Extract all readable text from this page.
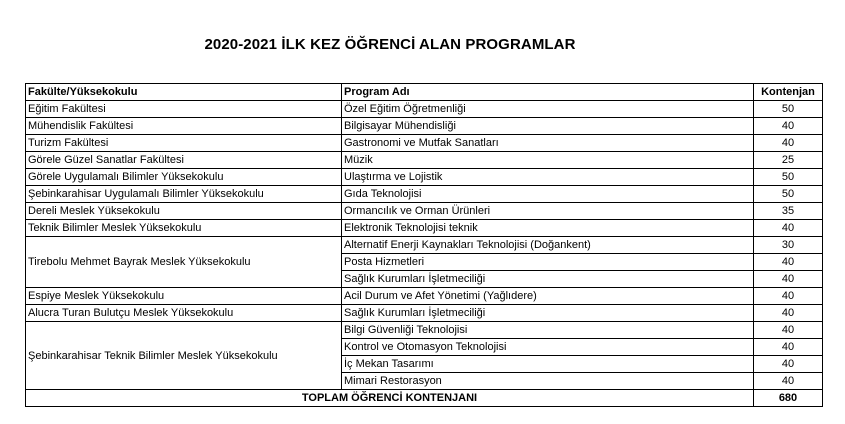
2020-2021 İLK KEZ ÖĞRENCİ ALAN PROGRAMLAR
Fakülte/Yüksekokulu	Program Adı	Kontenjan
Eğitim Fakültesi	Özel Eğitim Öğretmenliği	50
Mühendislik Fakültesi	Bilgisayar Mühendisliği	40
Turizm Fakültesi	Gastronomi ve Mutfak Sanatları	40
Görele Güzel Sanatlar Fakültesi	Müzik	25
Görele Uygulamalı Bilimler Yüksekokulu	Ulaştırma ve Lojistik	50
Şebinkarahisar Uygulamalı Bilimler Yüksekokulu	Gıda Teknolojisi	50
Dereli Meslek Yüksekokulu	Ormancılık ve Orman Ürünleri	35
Teknik Bilimler Meslek Yüksekokulu	Elektronik Teknolojisi teknik	40
Tirebolu Mehmet Bayrak Meslek Yüksekokulu	Alternatif Enerji Kaynakları Teknolojisi (Doğankent)	30
	Posta Hizmetleri	40
	Sağlık Kurumları İşletmeciliği	40
Espiye Meslek Yüksekokulu	Acil Durum ve Afet Yönetimi (Yağlıdere)	40
Alucra Turan Bulutçu Meslek Yüksekokulu	Sağlık Kurumları İşletmeciliği	40
Şebinkarahisar Teknik Bilimler Meslek Yüksekokulu	Bilgi Güvenliği Teknolojisi	40
	Kontrol ve Otomasyon Teknolojisi	40
	İç Mekan Tasarımı	40
	Mimari Restorasyon	40
TOPLAM ÖĞRENCİ KONTENJANI		680
